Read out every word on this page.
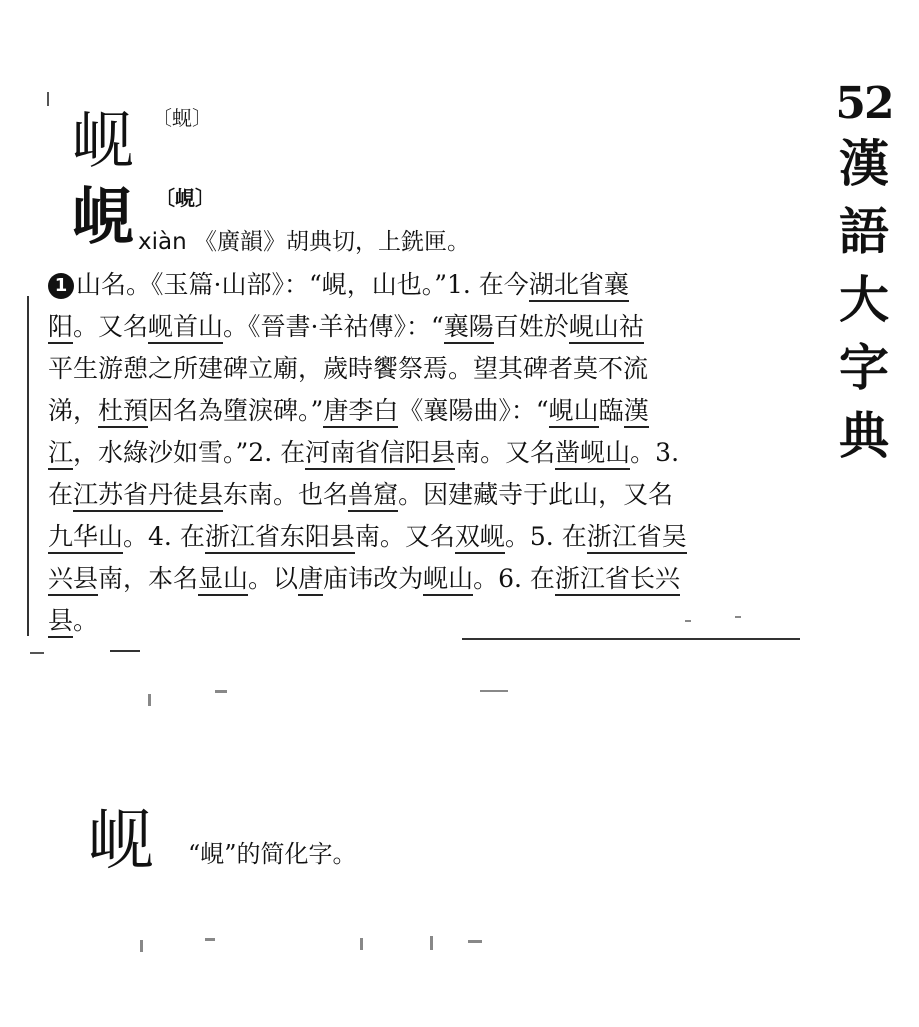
52
漢
語
大
字
典
岘 〔蚬〕
峴 〔峴〕
xiàn 《廣韻》胡典切，上銑匣。
1 山名。《玉篇·山部》：“峴，山也。”1. 在今湖北省襄
阳。又名岘首山。《晉書·羊祜傳》：“襄陽百姓於峴山祜
平生游憩之所建碑立廟，歲時饗祭焉。望其碑者莫不流
涕，杜預因名為墮淚碑。”唐李白《襄陽曲》：“峴山臨漢
江，水綠沙如雪。”2. 在河南省信阳县南。又名凿岘山。3.
在江苏省丹徒县东南。也名兽窟。因建藏寺于此山，又名
九华山。4. 在浙江省东阳县南。又名双岘。5. 在浙江省吴
兴县南，本名显山。以唐庙讳改为岘山。6. 在浙江省长兴
县。
岘 “峴”的简化字。
